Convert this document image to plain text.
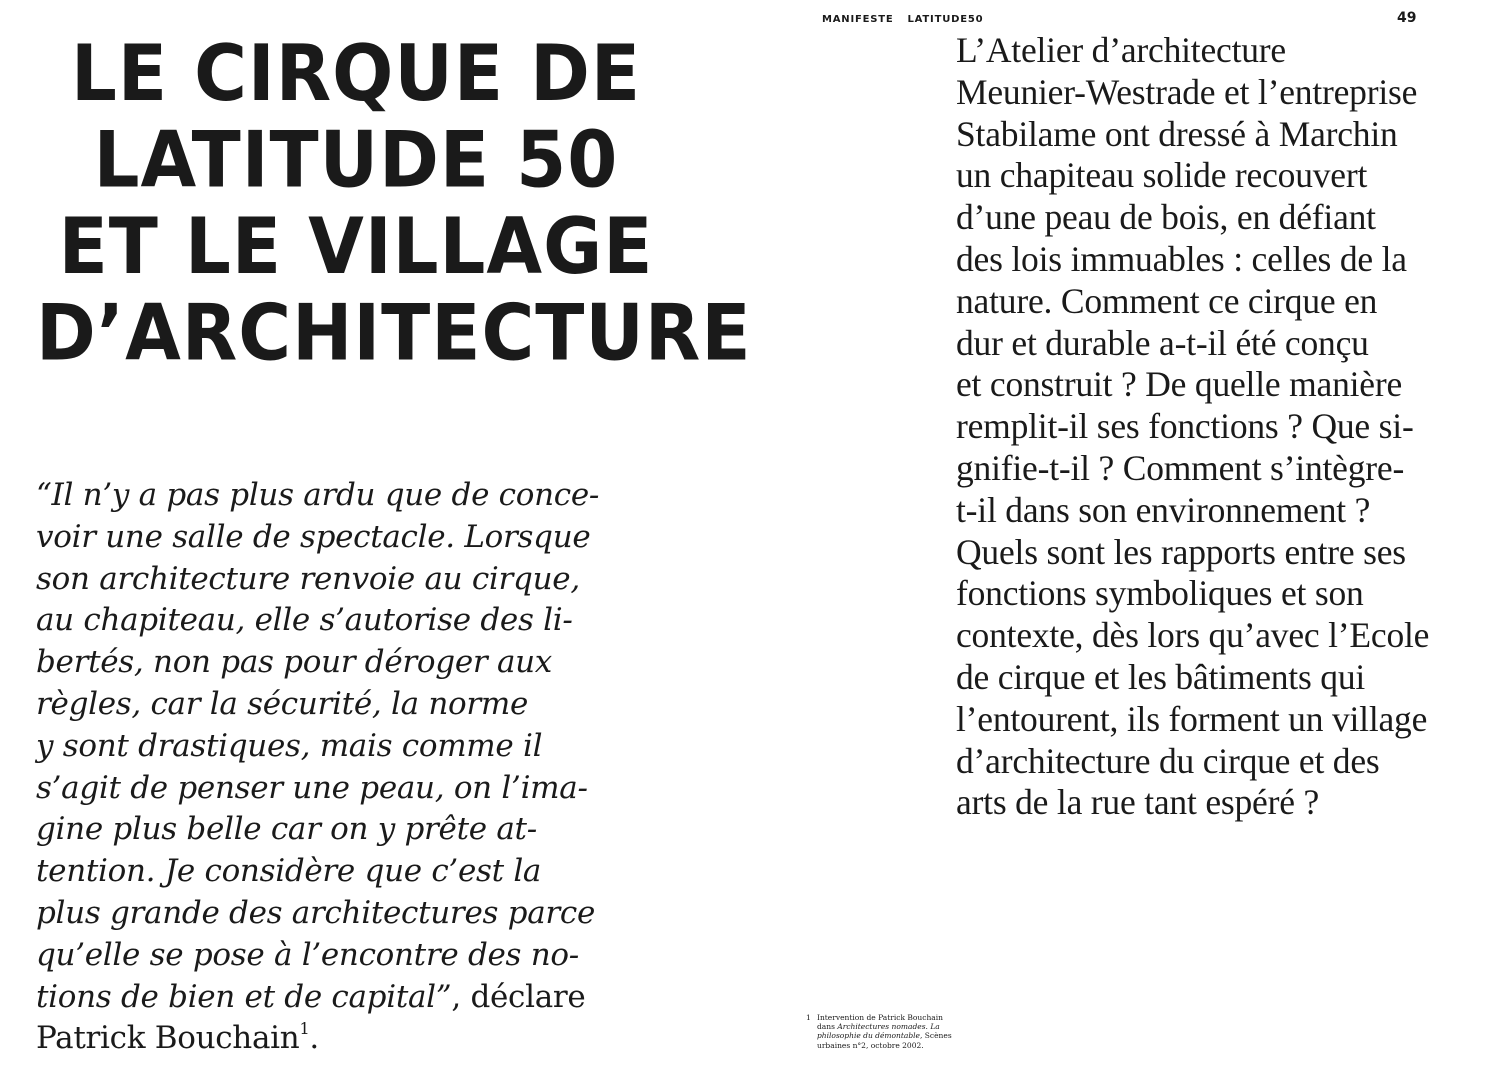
LE CIRQUE DE
LATITUDE 50
ET LE VILLAGE
D’ARCHITECTURE

“Il n’y a pas plus ardu que de conce-
voir une salle de spectacle. Lorsque
son architecture renvoie au cirque,
au chapiteau, elle s’autorise des li-
bertés, non pas pour déroger aux
règles, car la sécurité, la norme
y sont drastiques, mais comme il
s’agit de penser une peau, on l’ima-
gine plus belle car on y prête at-
tention. Je considère que c’est la
plus grande des architectures parce
qu’elle se pose à l’encontre des no-
tions de bien et de capital”, déclare
Patrick Bouchain$^1$.

MANIFESTE LATITUDE50	49

L’Atelier d’architecture
Meunier-Westrade et l’entreprise
Stabilame ont dressé à Marchin
un chapiteau solide recouvert
d’une peau de bois, en défiant
des lois immuables : celles de la
nature. Comment ce cirque en
dur et durable a-t-il été conçu
et construit ? De quelle manière
remplit-il ses fonctions ? Que si-
gnifie-t-il ? Comment s’intègre-
t-il dans son environnement ?
Quels sont les rapports entre ses
fonctions symboliques et son
contexte, dès lors qu’avec l’Ecole
de cirque et les bâtiments qui
l’entourent, ils forment un village
d’architecture du cirque et des
arts de la rue tant espéré ?

1 Intervention de Patrick Bouchain
dans Architectures nomades. La
philosophie du démontable, Scènes
urbaines n°2, octobre 2002.
